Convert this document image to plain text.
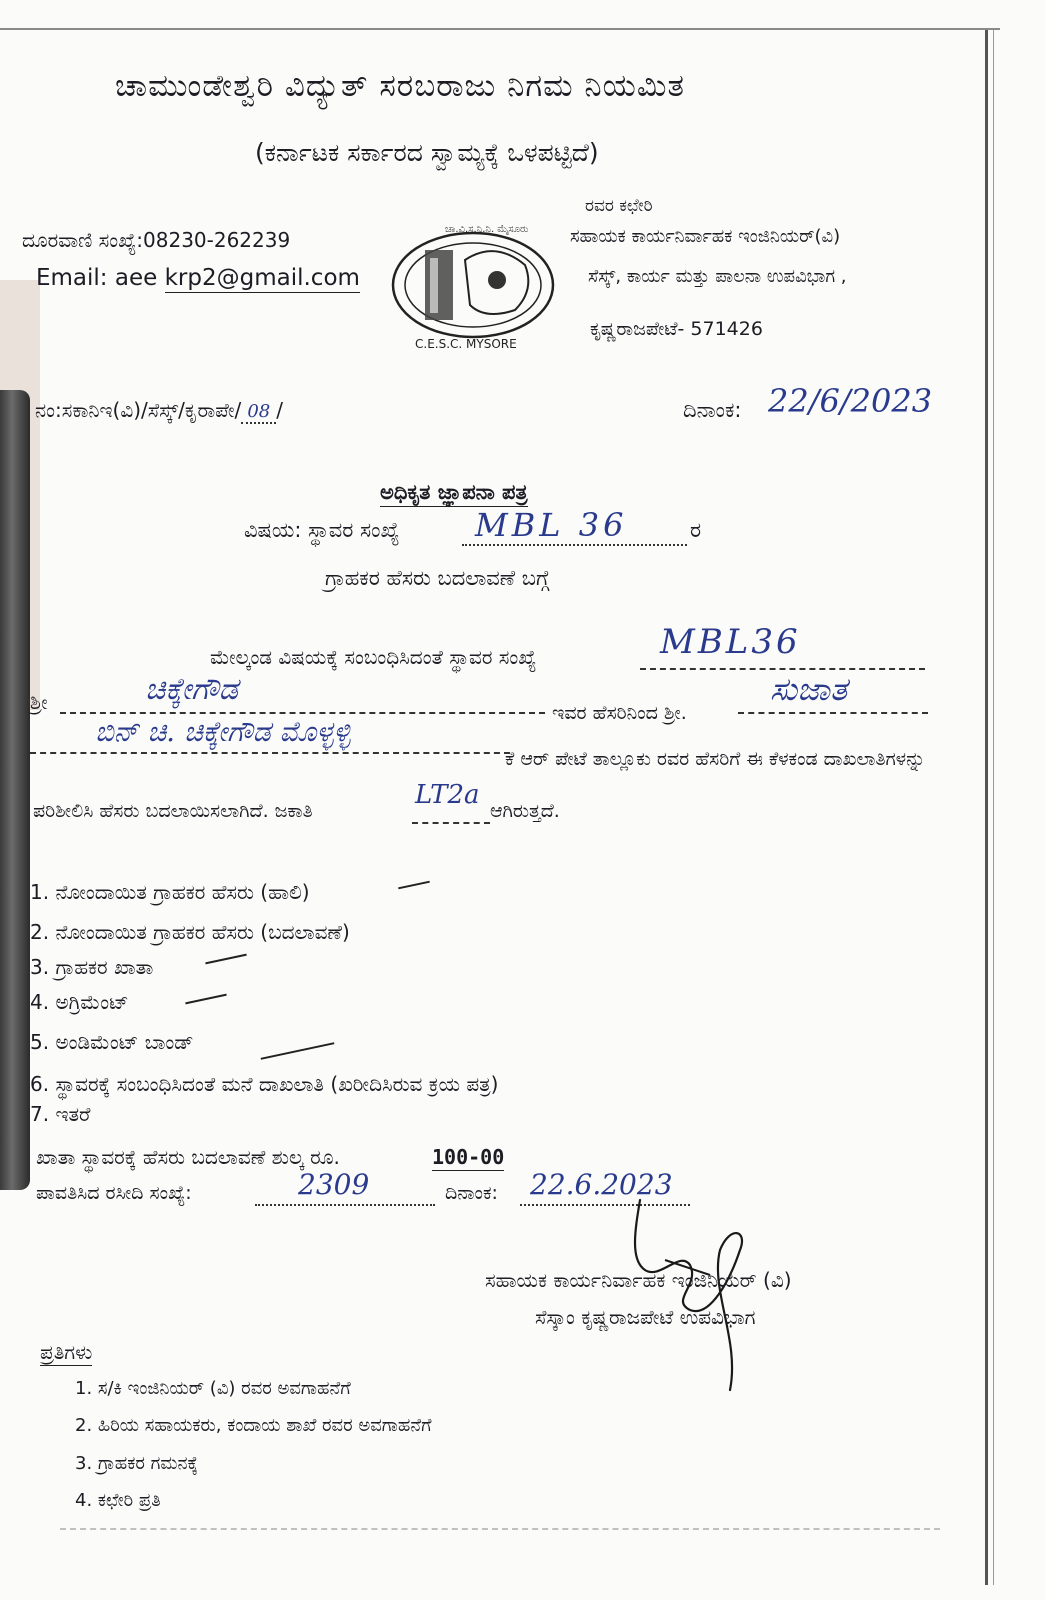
ಚಾಮುಂಡೇಶ್ವರಿ ವಿದ್ಯುತ್ ಸರಬರಾಜು ನಿಗಮ ನಿಯಮಿತ
(ಕರ್ನಾಟಕ ಸರ್ಕಾರದ ಸ್ವಾಮ್ಯಕ್ಕೆ ಒಳಪಟ್ಟಿದೆ)
ದೂರವಾಣಿ ಸಂಖ್ಯೆ:08230-262239
Email: aee krp2@gmail.com
ಚಾ.ವಿ.ಸ.ನಿ.ನಿ. ಮೈಸೂರು
C.E.S.C. MYSORE
ರವರ ಕಛೇರಿ
ಸಹಾಯಕ ಕಾರ್ಯನಿರ್ವಾಹಕ ಇಂಜಿನಿಯರ್(ವಿ)
ಸೆಸ್ಕ್, ಕಾರ್ಯ ಮತ್ತು ಪಾಲನಾ ಉಪವಿಭಾಗ ,
ಕೃಷ್ಣರಾಜಪೇಟೆ- 571426
ನಂ:ಸಕಾನಿಇ(ವಿ)/ಸೆಸ್ಕ್/ಕೃರಾಪೇ/ 08 /	ದಿನಾಂಕ: 22/6/2023
ಅಧಿಕೃತ ಜ್ಞಾಪನಾ ಪತ್ರ
ವಿಷಯ: ಸ್ಥಾವರ ಸಂಖ್ಯೆ MBL 36	ರ
ಗ್ರಾಹಕರ ಹೆಸರು ಬದಲಾವಣೆ ಬಗ್ಗೆ
ಮೇಲ್ಕಂಡ ವಿಷಯಕ್ಕೆ ಸಂಬಂಧಿಸಿದಂತೆ ಸ್ಥಾವರ ಸಂಖ್ಯೆ	MBL36
ಶ್ರೀ	ಚಿಕ್ಕೇಗೌಡ
ಇವರ ಹೆಸರಿನಿಂದ ಶ್ರೀ.
ಸುಜಾತ
ಬಿನ್ ಚಿ. ಚಿಕ್ಕೇಗೌಡ ಮೊಳ್ಳಳ್ಳಿ
ಕೆ ಆರ್ ಪೇಟೆ ತಾಲ್ಲೂಕು ರವರ ಹೆಸರಿಗೆ ಈ ಕೆಳಕಂಡ ದಾಖಲಾತಿಗಳನ್ನು
ಪರಿಶೀಲಿಸಿ ಹೆಸರು ಬದಲಾಯಿಸಲಾಗಿದೆ. ಜಕಾತಿ
LT2a
ಆಗಿರುತ್ತದೆ.
1. ನೋಂದಾಯಿತ ಗ್ರಾಹಕರ ಹೆಸರು (ಹಾಲಿ)
2. ನೋಂದಾಯಿತ ಗ್ರಾಹಕರ ಹೆಸರು (ಬದಲಾವಣೆ)
3. ಗ್ರಾಹಕರ ಖಾತಾ
4. ಅಗ್ರಿಮೆಂಟ್
5. ಅಂಡಿಮೆಂಟ್ ಬಾಂಡ್
6. ಸ್ಥಾವರಕ್ಕೆ ಸಂಬಂಧಿಸಿದಂತೆ ಮನೆ ದಾಖಲಾತಿ (ಖರೀದಿಸಿರುವ ಕ್ರಯ ಪತ್ರ)
7. ಇತರೆ
ಖಾತಾ ಸ್ಥಾವರಕ್ಕೆ ಹೆಸರು ಬದಲಾವಣೆ ಶುಲ್ಕ ರೂ.	100-00
ಪಾವತಿಸಿದ ರಸೀದಿ ಸಂಖ್ಯೆ:	2309	ದಿನಾಂಕ: 22.6.2023
ಸಹಾಯಕ ಕಾರ್ಯನಿರ್ವಾಹಕ ಇಂಜಿನಿಯರ್ (ವಿ)
ಸೆಸ್ಕಾಂ ಕೃಷ್ಣರಾಜಪೇಟೆ ಉಪವಿಭಾಗ
ಪ್ರತಿಗಳು
1. ಸ/ಕಿ ಇಂಜಿನಿಯರ್ (ವಿ) ರವರ ಅವಗಾಹನೆಗೆ
2. ಹಿರಿಯ ಸಹಾಯಕರು, ಕಂದಾಯ ಶಾಖೆ ರವರ ಅವಗಾಹನೆಗೆ
3. ಗ್ರಾಹಕರ ಗಮನಕ್ಕೆ
4. ಕಛೇರಿ ಪ್ರತಿ
